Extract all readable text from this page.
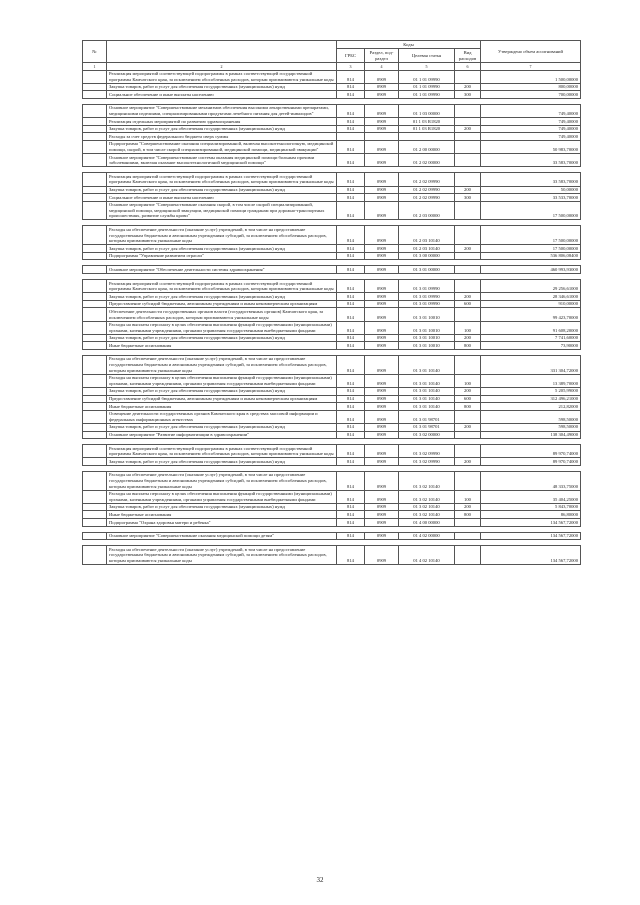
№		Коды				Утверждено объем ассигнований
		ГРБС	Раздел, под-раздел	Целевая статья	Вид расходов	
1	2	3	4	5	6	7
	Реализация мероприятий соответствующей подпрограммы в рамках соответствующей государственной программы Камчатского края, за исключением обособленных расходов, которым присваиваются уникальные коды	814	0909	01 1 01 09990		1 500,00000
	Закупка товаров, работ и услуг для обеспечения государственных (муниципальных) нужд	814	0909	01 1 01 09990	200	800,00000
	Социальное обеспечение и иные выплаты населению	814	0909	01 1 01 09990	300	700,00000

	Основное мероприятие "Совершенствование механизмов обеспечения высокими лекарственными препаратами, медицинскими изделиями, специализированными продуктами лечебного питания для детей-инвалидов"	814	0909	01 1 03 00000		749,40000
	Реализация отдельных мероприятий по развитию здравоохранения	814	0909	01 1 03 R1820		749,40000
	Закупка товаров, работ и услуг для обеспечения государственных (муниципальных) нужд	814	0909	01 1 03 R1820	200	749,40000
	Расходы за счет средств федерального бюджета сверх суммы					749,40000
	Подпрограмма "Совершенствование оказания специализированной, включая высокотехнологичную, медицинской помощи, скорой, в том числе скорой специализированной, медицинской помощи, медицинской эвакуации"	814	0909	01 2 00 00000		50 983,70000
	Основное мероприятие "Совершенствование системы оказания медицинской помощи больным прочими заболеваниями, включая оказание высокотехнологичной медицинской помощи"	814	0909	01 2 02 00000		33 583,70000

	Реализация мероприятий соответствующей подпрограммы в рамках соответствующей государственной программы Камчатского края, за исключением обособленных расходов, которым присваиваются уникальные коды	814	0909	01 2 02 09990		33 583,70000
	Закупка товаров, работ и услуг для обеспечения государственных (муниципальных) нужд	814	0909	01 2 02 09990	200	50,00000
	Социальное обеспечение и иные выплаты населению	814	0909	01 2 02 09990	300	33 533,70000
	Основное мероприятие "Совершенствование оказания скорой, в том числе скорой специализированной, медицинской помощи, медицинской эвакуации, медицинской помощи гражданам при дорожно-транспортных происшествиях, развитие службы крови"	814	0909	01 2 03 00000		17 500,00000

	Расходы на обеспечение деятельности (оказание услуг) учреждений, в том числе на предоставление государственным бюджетным и автономным учреждениям субсидий, за исключением обособленных расходов, которым присваиваются уникальные коды	814	0909	01 2 03 10140		17 500,00000
	Закупка товаров, работ и услуг для обеспечения государственных (муниципальных) нужд	814	0909	01 2 03 10140	200	17 500,00000
	Подпрограмма "Управление развитием отрасли"	814	0909	01 3 00 00000		536 806,08400

	Основное мероприятие "Обеспечение деятельности системы здравоохранения"	814	0909	01 3 01 00000		460 993,93000

	Реализация мероприятий соответствующей подпрограммы в рамках соответствующей государственной программы Камчатского края, за исключением обособленных расходов, которым присваиваются уникальные коды	814	0909	01 3 01 09990		29 256,61000
	Закупка товаров, работ и услуг для обеспечения государственных (муниципальных) нужд	814	0909	01 3 01 09990	200	28 346,61000
	Предоставление субсидий бюджетным, автономным учреждениям и иным некоммерческим организациям	814	0909	01 3 01 09990	600	910,00000
	Обеспечение деятельности государственных органов власти (государственных органов) Камчатского края, за исключением обособленных расходов, которым присваиваются уникальные коды	814	0909	01 3 01 10010		99 423,70000
	Расходы на выплаты персоналу в целях обеспечения выполнения функций государственными (муниципальными) органами, казенными учреждениями, органами управления государственными внебюджетными фондами	814	0909	01 3 01 10010	100	91 608,20000
	Закупка товаров, работ и услуг для обеспечения государственных (муниципальных) нужд	814	0909	01 3 01 10010	200	7 741,60000
	Иные бюджетные ассигнования	814	0909	01 3 01 10010	800	73,90000

	Расходы на обеспечение деятельности (оказание услуг) учреждений, в том числе на предоставление государственным бюджетным и автономным учреждениям субсидий, за исключением обособленных расходов, которым присваиваются уникальные коды	814	0909	01 3 01 10140		331 304,72000
	Расходы на выплаты персоналу в целях обеспечения выполнения функций государственными (муниципальными) органами, казенными учреждениями, органами управления государственными внебюджетными фондами	814	0909	01 3 01 10140	100	13 389,70000
	Закупка товаров, работ и услуг для обеспечения государственных (муниципальных) нужд	814	0909	01 3 01 10140	200	5 205,99000
	Предоставление субсидий бюджетным, автономным учреждениям и иным некоммерческим организациям	814	0909	01 3 01 10140	600	312 496,21000
	Иные бюджетные ассигнования	814	0909	01 3 01 10140	800	212,82000
	Освещение деятельности государственных органов Камчатского края в средствах массовой информации и федеральных информационных агентствах	814	0909	01 3 01 98701		598,50000
	Закупка товаров, работ и услуг для обеспечения государственных (муниципальных) нужд	814	0909	01 3 01 98701	200	598,50000
	Основное мероприятие "Развитие информатизации в здравоохранении"	814	0909	01 3 02 00000		138 304,49000

	Реализация мероприятий соответствующей подпрограммы в рамках соответствующей государственной программы Камчатского края, за исключением обособленных расходов, которым присваиваются уникальные коды	814	0909	01 3 02 09990		89 970,74000
	Закупка товаров, работ и услуг для обеспечения государственных (муниципальных) нужд	814	0909	01 3 02 09990	200	89 970,74000

	Расходы на обеспечение деятельности (оказание услуг) учреждений, в том числе на предоставление государственным бюджетным и автономным учреждениям субсидий, за исключением обособленных расходов, которым присваиваются уникальные коды	814	0909	01 3 02 10140		48 333,75000
	Расходы на выплаты персоналу в целях обеспечения выполнения функций государственными (муниципальными) органами, казенными учреждениями, органами управления государственными внебюджетными фондами	814	0909	01 3 02 10140	100	35 404,25000
	Закупка товаров, работ и услуг для обеспечения государственных (муниципальных) нужд	814	0909	01 3 02 10140	200	5 843,70000
	Иные бюджетные ассигнования	814	0909	01 3 02 10140	800	86,80000
	Подпрограмма "Охрана здоровья матери и ребенка"	814	0909	01 4 00 00000		134 567,72000

	Основное мероприятие "Совершенствование оказания медицинской помощи детям"	814	0909	01 4 02 00000		134 567,72000

	Расходы на обеспечение деятельности (оказание услуг) учреждений, в том числе на предоставление государственным бюджетным и автономным учреждениям субсидий, за исключением обособленных расходов, которым присваиваются уникальные коды	814	0909	01 4 02 10140		134 567,72000
32
